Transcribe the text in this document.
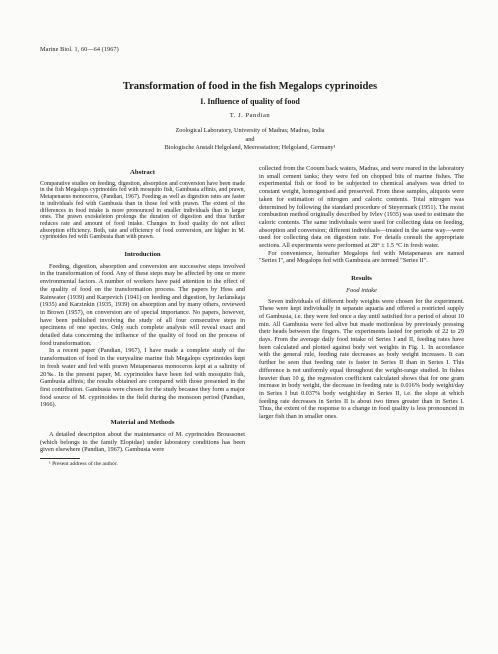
Marine Biol. 1, 60—64 (1967)
Transformation of food in the fish Megalops cyprinoides
I. Influence of quality of food
T. J. Pandian
Zoological Laboratory, University of Madras; Madras, India
and
Biologische Anstalt Helgoland, Meeresstation; Helgoland, Germany¹
Abstract

Comparative studies on feeding, digestion, absorption and conversion have been made in the fish Megalops cyprinoides fed with mosquito fish, Gambusia affinis, and prawn, Metapenaeus monoceros, (Pandian, 1967). Feeding as well as digestion rates are faster in individuals fed with Gambusia than in those fed with prawn. The extent of the differences in food intake is more pronounced in smaller individuals than in larger ones. The prawn exoskeleton prolongs the duration of digestion and thus further reduces rate and amount of food intake. Changes in food quality do not affect absorption efficiency. Both, rate and efficiency of food conversion, are higher in M. cyprinoides fed with Gambusia than with prawn.

Introduction

Feeding, digestion, absorption and conversion are successive steps involved in the transformation of food. Any of these steps may be affected by one or more environmental factors. A number of workers have paid attention to the effect of the quality of food on the transformation process. The papers by Hess and Rainwater (1939) and Karpevich (1941) on feeding and digestion, by Jarlanskaja (1935) and Karzinkin (1935, 1939) on absorption and by many others, reviewed in Brown (1957), on conversion are of special importance. No papers, however, have been published involving the study of all four consecutive steps in specimens of one species. Only such complete analysis will reveal exact and detailed data concerning the influence of the quality of food on the process of food transformation.

In a recent paper (Pandian, 1967), I have made a complete study of the transformation of food in the euryealine marine fish Megalops cyprinoides kept in fresh water and fed with prawn Metapenaeus monoceros kept at a salinity of 20‰. In the present paper, M. cyprinoides have been fed with mosquito fish, Gambusia affinis; the results obtained are compared with those presented in the first contribution. Gambusia were chosen for the study because they form a major food source of M. cyprinoides in the field during the monsoon period (Pandian, 1966).

Material and Methods

A detailed description about the maintenance of M. cyprinoides Broussonet (which belongs to the family Elopidae) under laboratory conditions has been given elsewhere (Pandian, 1967). Gambusia were

¹ Present address of the author.

collected from the Cooum back waters, Madras, and were reared in the laboratory in small cement tanks; they were fed on chopped bits of marine fishes. The experimental fish or food to be subjected to chemical analyses was dried to constant weight, homogenised and preserved. From these samples, aliquots were taken for estimation of nitrogen and caloric contents. Total nitrogen was determined by following the standard procedure of Steyermark (1951). The moist combustion method originally described by Ivlev (1935) was used to estimate the caloric contents. The same individuals were used for collecting data on feeding, absorption and conversion; different individuals—treated in the same way—were used for collecting data on digestion rate. For details consult the appropriate sections. All experiments were performed at 28° ± 1.5 °C in fresh water.

For convenience, hereafter Megalops fed with Metapenaeus are named "Series I", and Megalops fed with Gambusia are termed "Series II".

Results
Food intake

Seven individuals of different body weights were chosen for the experiment. These were kept individually in separate aquaria and offered a restricted supply of Gambusia, i.e. they were fed once a day until satisfied for a period of about 10 min. All Gambusia were fed alive but made motionless by previously pressing their heads between the fingers. The experiments lasted for periods of 22 to 29 days. From the average daily food intake of Series I and II, feeding rates have been calculated and plotted against body wet weights in Fig. 1. In accordance with the general rule, feeding rate decreases as body weight increases. It can further be seen that feeding rate is faster in Series II than in Series I. This difference is not uniformly equal throughout the weight-range studied. In fishes heavier than 10 g, the regression coefficient calculated shows that for one gram increase in body weight, the decrease in feeding rate is 0.016% body weight/day in Series I but 0.037% body weight/day in Series II, i.e. the slope at which feeding rate decreases in Series II is about two times greater than in Series I. Thus, the extent of the response to a change in food quality is less pronounced in larger fish than in smaller ones.
